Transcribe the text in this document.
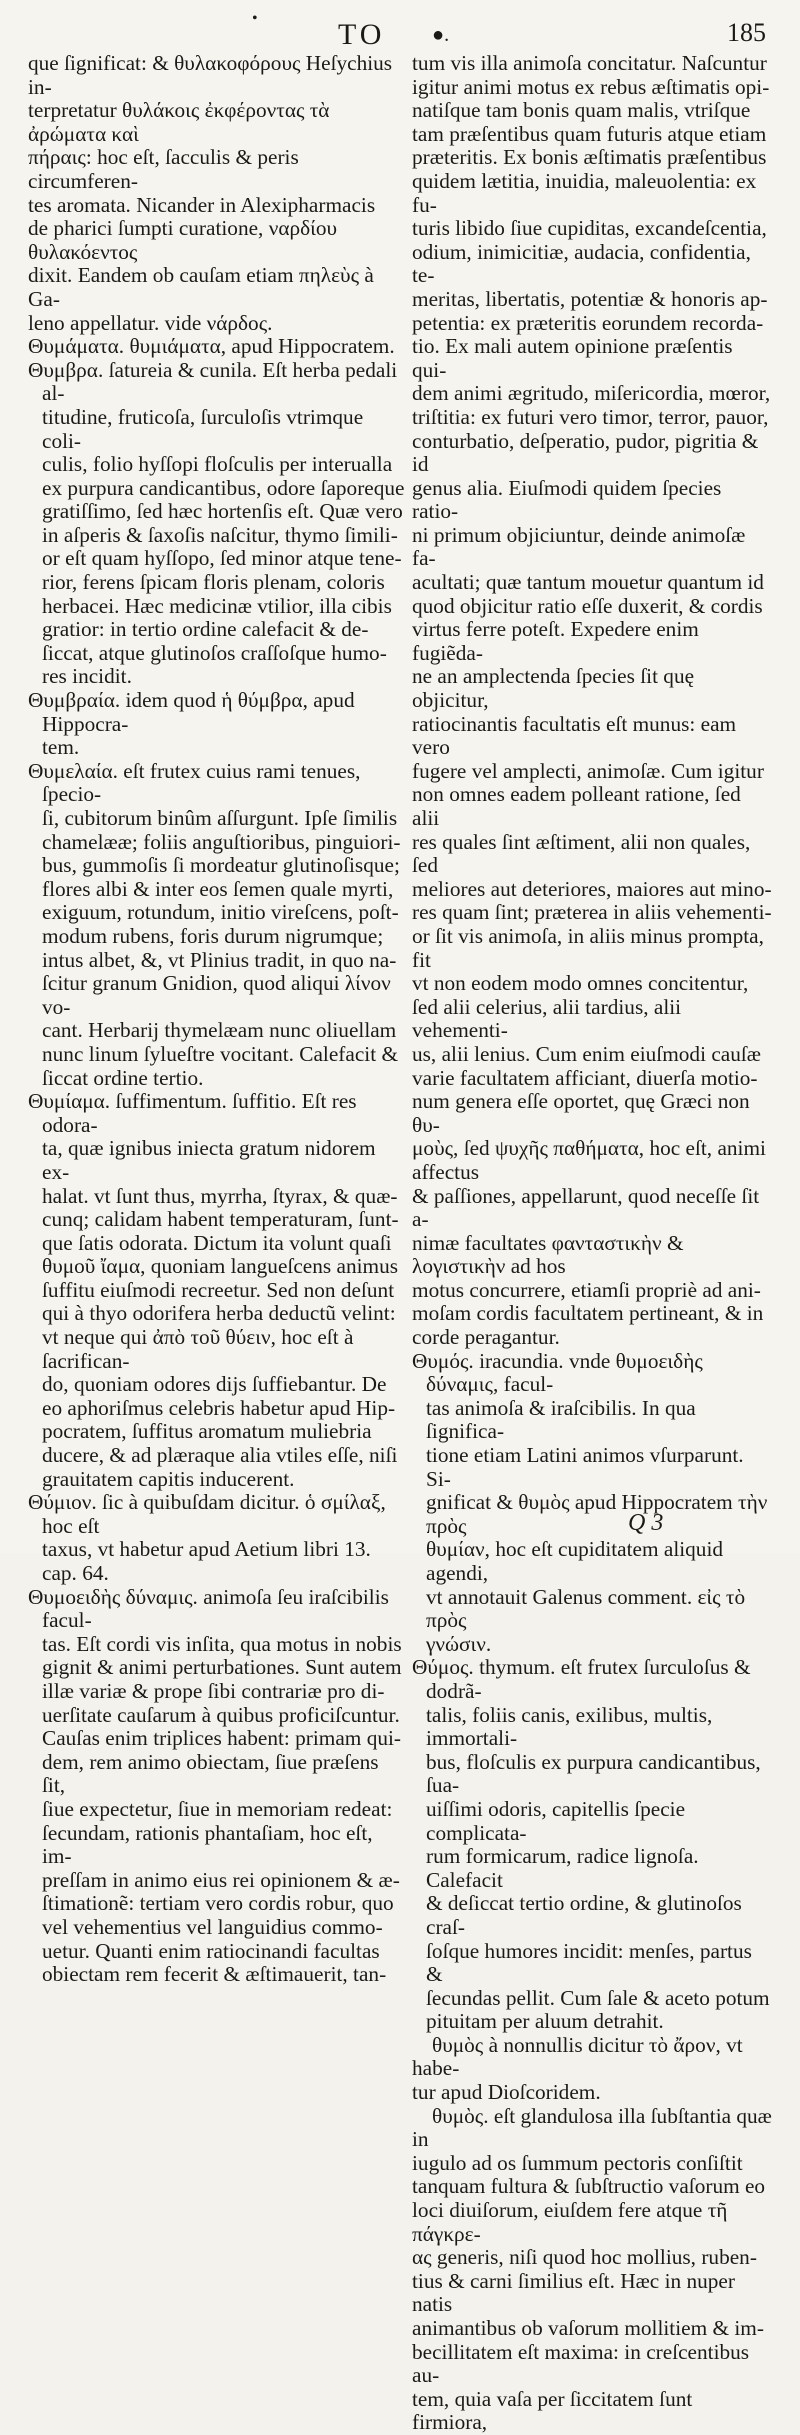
•	TO ●.	185

que ſignificat: & θυλακοφόρους Heſychius in-
terpretatur θυλάκοις ἐκφέροντας τὰ ἀρώματα καὶ
πήραις: hoc eſt, ſacculis & peris circumferen-
tes aromata. Nicander in Alexipharmacis
de pharici ſumpti curatione, ναρδίου θυλακόεντος
dixit. Eandem ob cauſam etiam πηλεὺς à Ga-
leno appellatur. vide νάρδος.

Θυμάματα. θυμιάματα, apud Hippocratem.

Θυμβρα. ſatureia & cunila. Eſt herba pedali al-
titudine, fruticoſa, ſurculoſis vtrimque coli-
culis, folio hyſſopi floſculis per interualla
ex purpura candicantibus, odore ſaporeque
gratiſſimo, ſed hæc hortenſis eſt. Quæ vero
in aſperis & ſaxoſis naſcitur, thymo ſimili-
or eſt quam hyſſopo, ſed minor atque tene-
rior, ferens ſpicam floris plenam, coloris
herbacei. Hæc medicinæ vtilior, illa cibis
gratior: in tertio ordine calefacit & de-
ſiccat, atque glutinoſos craſſoſque humo-
res incidit.

Θυμβραία. idem quod ἡ θύμβρα, apud Hippocra-
tem.

Θυμελαία. eſt frutex cuius rami tenues, ſpecio-
ſi, cubitorum binûm aſſurgunt. Ipſe ſimilis
chamelææ; foliis anguſtioribus, pinguiori-
bus, gummoſis ſi mordeatur glutinoſisque;
flores albi & inter eos ſemen quale myrti,
exiguum, rotundum, initio vireſcens, poſt-
modum rubens, foris durum nigrumque;
intus albet, &, vt Plinius tradit, in quo na-
ſcitur granum Gnidion, quod aliqui λίνον vo-
cant. Herbarij thymelæam nunc oliuellam
nunc linum ſylueſtre vocitant. Calefacit &
ſiccat ordine tertio.

Θυμίαμα. ſuffimentum. ſuffitio. Eſt res odora-
ta, quæ ignibus iniecta gratum nidorem ex-
halat. vt ſunt thus, myrrha, ſtyrax, & quæ-
cunq; calidam habent temperaturam, ſunt-
que ſatis odorata. Dictum ita volunt quaſi
θυμοῦ ἴαμα, quoniam langueſcens animus
ſuffitu eiuſmodi recreetur. Sed non deſunt
qui à thyo odorifera herba deductũ velint:
vt neque qui ἀπὸ τοῦ θύειν, hoc eſt à ſacrifican-
do, quoniam odores dijs ſuffiebantur. De
eo aphoriſmus celebris habetur apud Hip-
pocratem, ſuffitus aromatum muliebria
ducere, & ad plæraque alia vtiles eſſe, niſi
grauitatem capitis inducerent.

Θύμιον. ſic à quibuſdam dicitur. ὁ σμίλαξ, hoc eſt
taxus, vt habetur apud Aetium libri 13.
cap. 64.

Θυμοειδὴς δύναμις. animoſa ſeu iraſcibilis facul-
tas. Eſt cordi vis inſita, qua motus in nobis
gignit & animi perturbationes. Sunt autem
illæ variæ & prope ſibi contrariæ pro di-
uerſitate cauſarum à quibus proficiſcuntur.
Cauſas enim triplices habent: primam qui-
dem, rem animo obiectam, ſiue præſens ſit,
ſiue expectetur, ſiue in memoriam redeat:
ſecundam, rationis phantaſiam, hoc eſt, im-
preſſam in animo eius rei opinionem & æ-
ſtimationẽ: tertiam vero cordis robur, quo
vel vehementius vel languidius commo-
uetur. Quanti enim ratiocinandi facultas
obiectam rem fecerit & æſtimauerit, tan-

tum vis illa animoſa concitatur. Naſcuntur
igitur animi motus ex rebus æſtimatis opi-
natiſque tam bonis quam malis, vtriſque
tam præſentibus quam futuris atque etiam
præteritis. Ex bonis æſtimatis præſentibus
quidem lætitia, inuidia, maleuolentia: ex fu-
turis libido ſiue cupiditas, excandeſcentia,
odium, inimicitiæ, audacia, confidentia, te-
meritas, libertatis, potentiæ & honoris ap-
petentia: ex præteritis eorundem recorda-
tio. Ex mali autem opinione præſentis qui-
dem animi ægritudo, miſericordia, mœror,
triſtitia: ex futuri vero timor, terror, pauor,
conturbatio, deſperatio, pudor, pigritia & id
genus alia. Eiuſmodi quidem ſpecies ratio-
ni primum objiciuntur, deinde animoſæ fa-
acultati; quæ tantum mouetur quantum id
quod objicitur ratio eſſe duxerit, & cordis
virtus ferre poteſt. Expedere enim fugiẽda-
ne an amplectenda ſpecies ſit quę objicitur,
ratiocinantis facultatis eſt munus: eam vero
fugere vel amplecti, animoſæ. Cum igitur
non omnes eadem polleant ratione, ſed alii
res quales ſint æſtiment, alii non quales, ſed
meliores aut deteriores, maiores aut mino-
res quam ſint; præterea in aliis vehementi-
or ſit vis animoſa, in aliis minus prompta, fit
vt non eodem modo omnes concitentur,
ſed alii celerius, alii tardius, alii vehementi-
us, alii lenius. Cum enim eiuſmodi cauſæ
varie facultatem afficiant, diuerſa motio-
num genera eſſe oportet, quę Græci non θυ-
μοὺς, ſed ψυχῆς παθήματα, hoc eſt, animi affectus
& paſſiones, appellarunt, quod neceſſe ſit a-
nimæ facultates φανταστικὴν & λογιστικὴν ad hos
motus concurrere, etiamſi propriè ad ani-
moſam cordis facultatem pertineant, & in
corde peragantur.

Θυμός. iracundia. vnde θυμοειδὴς δύναμις, facul-
tas animoſa & iraſcibilis. In qua ſignifica-
tione etiam Latini animos vſurparunt. Si-
gnificat & θυμὸς apud Hippocratem τὴν πρὸς
θυμίαν, hoc eſt cupiditatem aliquid agendi,
vt annotauit Galenus comment. εἰς τὸ πρὸς
γνώσιν.

Θύμος. thymum. eſt frutex ſurculoſus & dodrã-
talis, foliis canis, exilibus, multis, immortali-
bus, floſculis ex purpura candicantibus, ſua-
uiſſimi odoris, capitellis ſpecie complicata-
rum formicarum, radice lignoſa. Calefacit
& deſiccat tertio ordine, & glutinoſos craſ-
ſoſque humores incidit: menſes, partus &
ſecundas pellit. Cum ſale & aceto potum
pituitam per aluum detrahit.

θυμὸς à nonnullis dicitur τὸ ἄρον, vt habe-
tur apud Dioſcoridem.

θυμὸς. eſt glandulosa illa ſubſtantia quæ in
iugulo ad os ſummum pectoris conſiſtit
tanquam fultura & ſubſtructio vaſorum eo
loci diuiſorum, eiuſdem fere atque τῆ πάγκρε-
ας generis, niſi quod hoc mollius, ruben-
tius & carni ſimilius eſt. Hæc in nuper natis
animantibus ob vaſorum mollitiem & im-
becillitatem eſt maxima: in creſcentibus au-
tem, quia vaſa per ſiccitatem ſunt firmiora,

Q 3
